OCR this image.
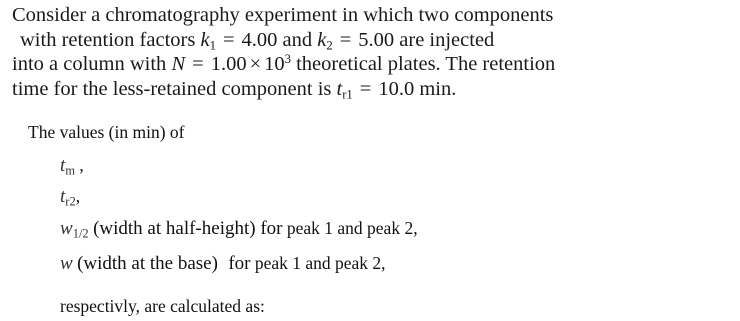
Consider a chromatography experiment in which two components
with retention factors $k_1 = 4.00$ and $k_2 = 5.00$ are injected
into a column with $N = 1.00 \times 10^3$ theoretical plates. The retention
time for the less-retained component is $t_{r1} = 10.0$ min.
The values (in min) of
$t_m$ ,
$t_{r2}$,
$w_{1/2}$ (width at half-height) for peak 1 and peak 2,
w (width at the base) for peak 1 and peak 2,
respectivly, are calculated as:
